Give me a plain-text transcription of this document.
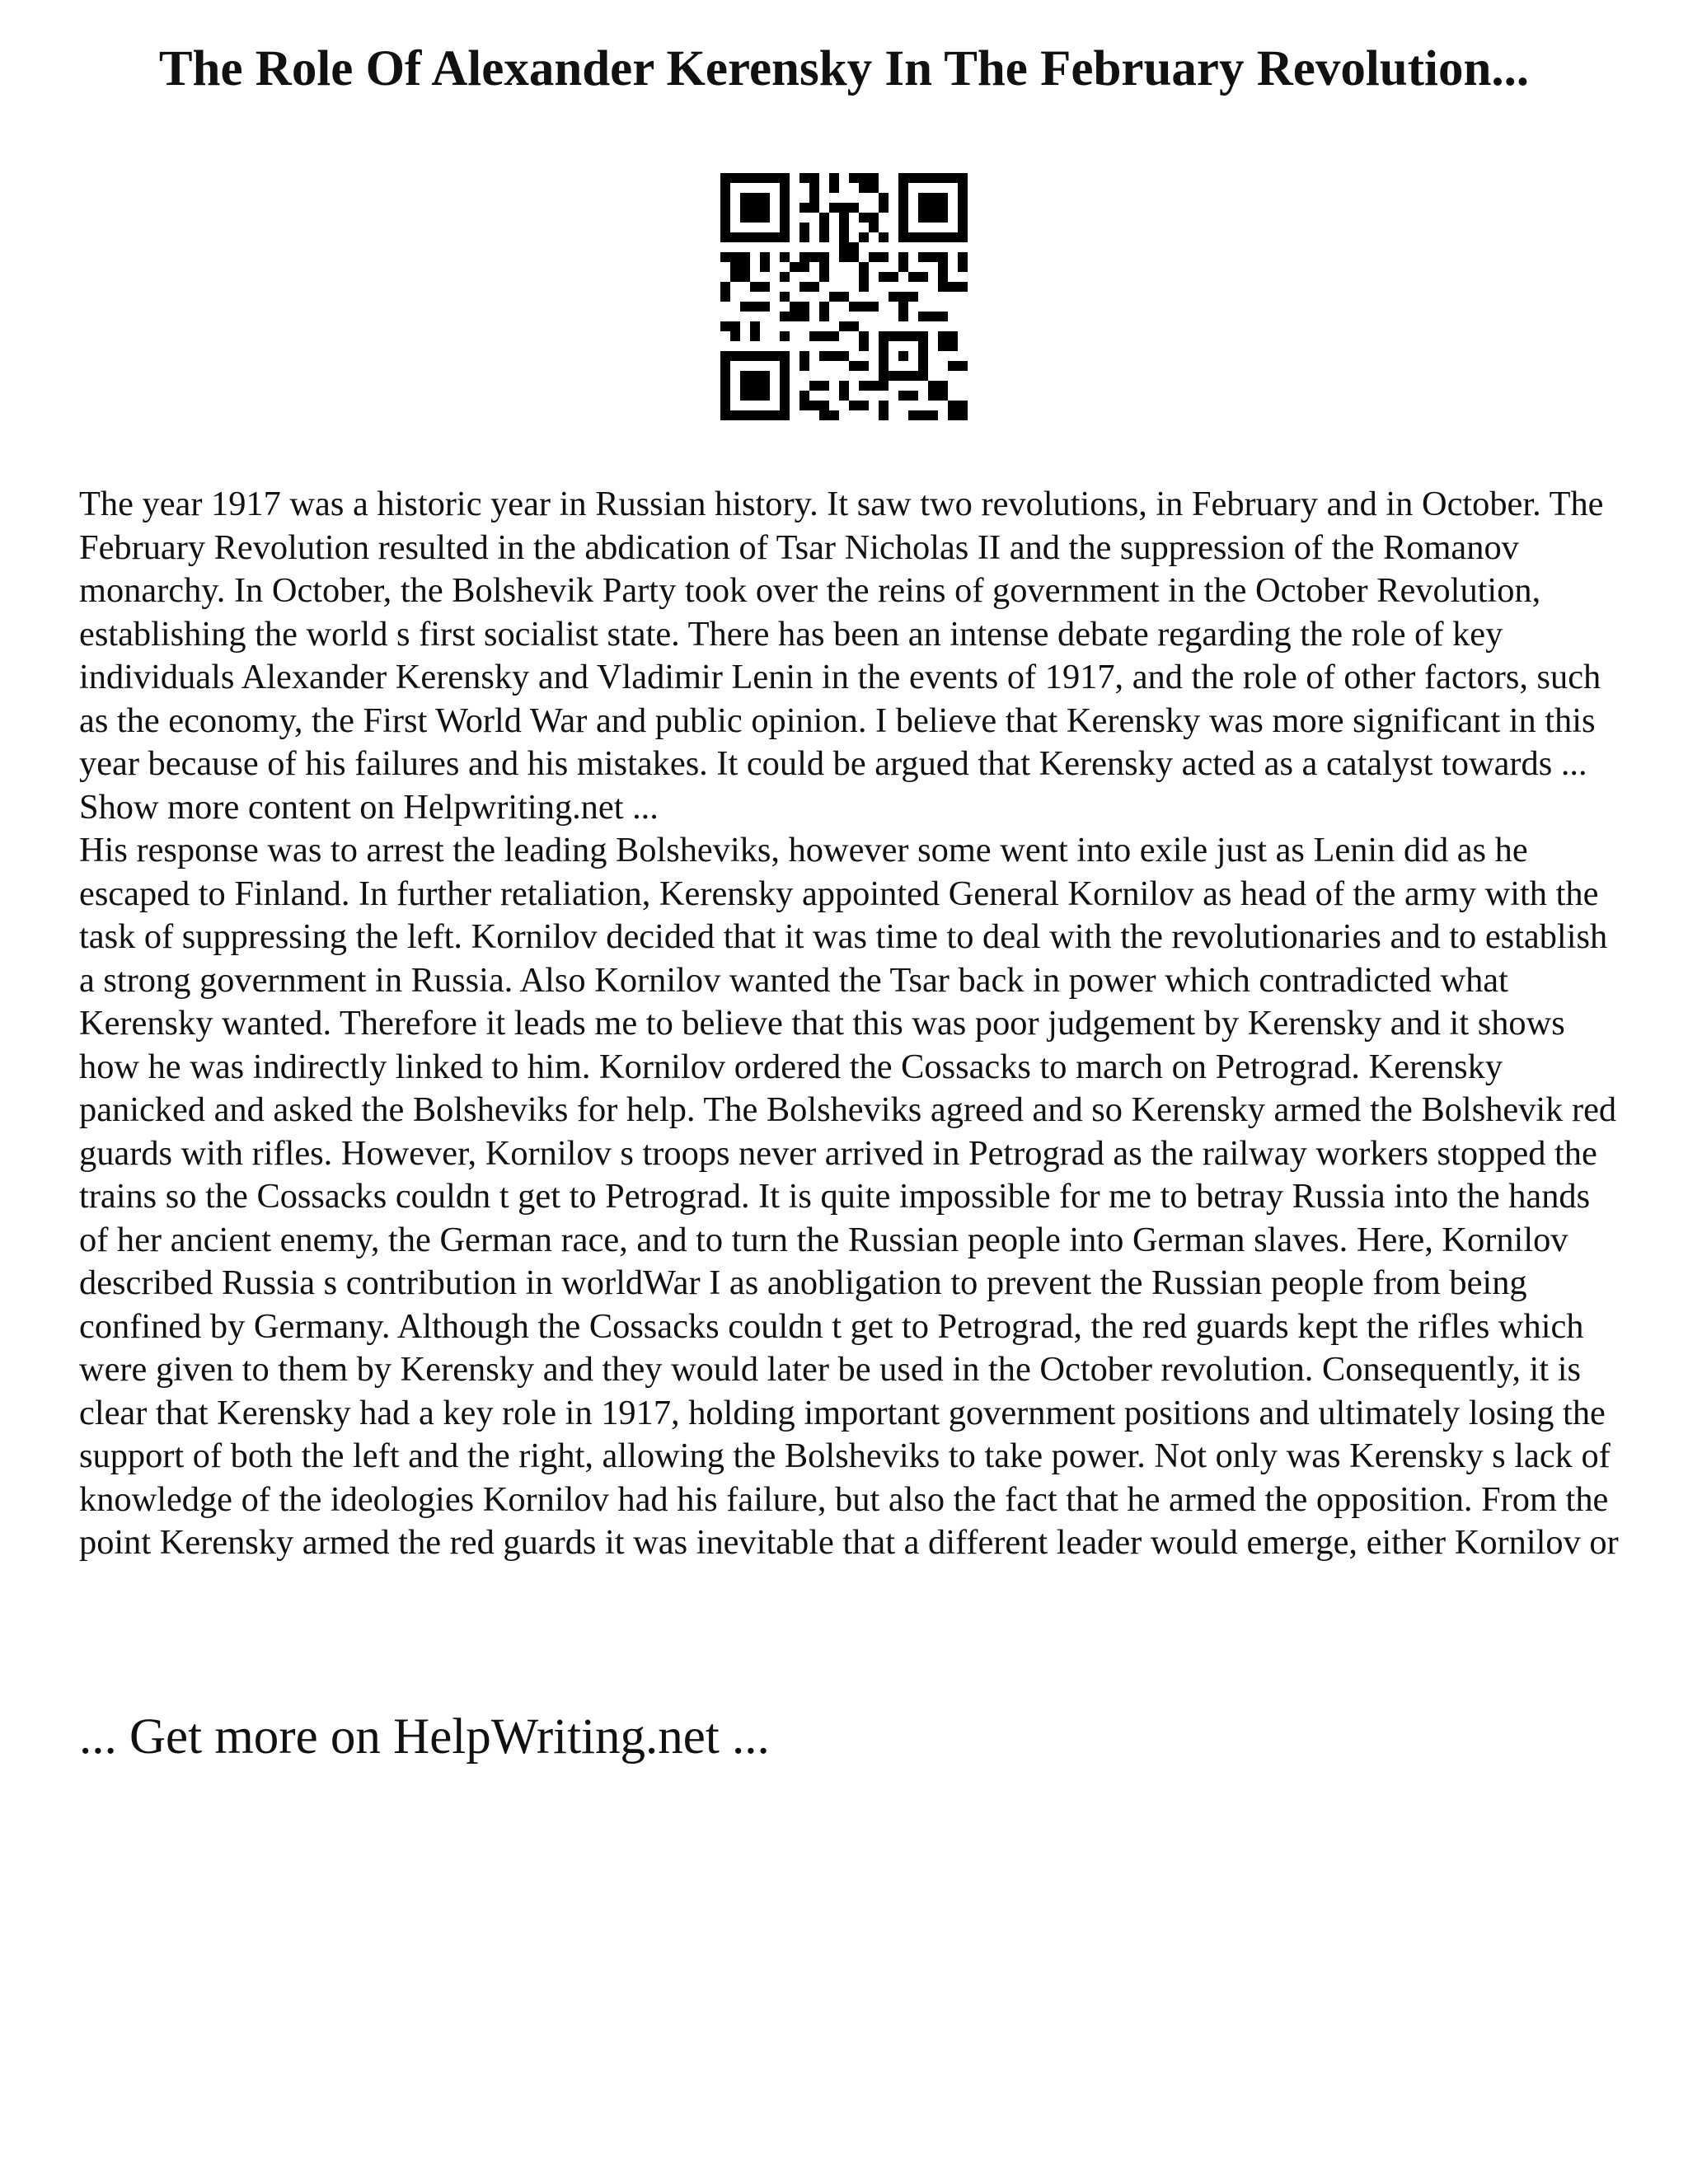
The Role Of Alexander Kerensky In The February Revolution...

The year 1917 was a historic year in Russian history. It saw two revolutions, in February and in October. The February Revolution resulted in the abdication of Tsar Nicholas II and the suppression of the Romanov monarchy. In October, the Bolshevik Party took over the reins of government in the October Revolution, establishing the world s first socialist state. There has been an intense debate regarding the role of key individuals Alexander Kerensky and Vladimir Lenin in the events of 1917, and the role of other factors, such as the economy, the First World War and public opinion. I believe that Kerensky was more significant in this year because of his failures and his mistakes. It could be argued that Kerensky acted as a catalyst towards ... Show more content on Helpwriting.net ...

His response was to arrest the leading Bolsheviks, however some went into exile just as Lenin did as he escaped to Finland. In further retaliation, Kerensky appointed General Kornilov as head of the army with the task of suppressing the left. Kornilov decided that it was time to deal with the revolutionaries and to establish a strong government in Russia. Also Kornilov wanted the Tsar back in power which contradicted what Kerensky wanted. Therefore it leads me to believe that this was poor judgement by Kerensky and it shows how he was indirectly linked to him. Kornilov ordered the Cossacks to march on Petrograd. Kerensky panicked and asked the Bolsheviks for help. The Bolsheviks agreed and so Kerensky armed the Bolshevik red guards with rifles. However, Kornilov s troops never arrived in Petrograd as the railway workers stopped the trains so the Cossacks couldn t get to Petrograd. It is quite impossible for me to betray Russia into the hands of her ancient enemy, the German race, and to turn the Russian people into German slaves. Here, Kornilov described Russia s contribution in worldWar I as anobligation to prevent the Russian people from being confined by Germany. Although the Cossacks couldn t get to Petrograd, the red guards kept the rifles which were given to them by Kerensky and they would later be used in the October revolution. Consequently, it is clear that Kerensky had a key role in 1917, holding important government positions and ultimately losing the support of both the left and the right, allowing the Bolsheviks to take power. Not only was Kerensky s lack of knowledge of the ideologies Kornilov had his failure, but also the fact that he armed the opposition. From the point Kerensky armed the red guards it was inevitable that a different leader would emerge, either Kornilov or

... Get more on HelpWriting.net ...
